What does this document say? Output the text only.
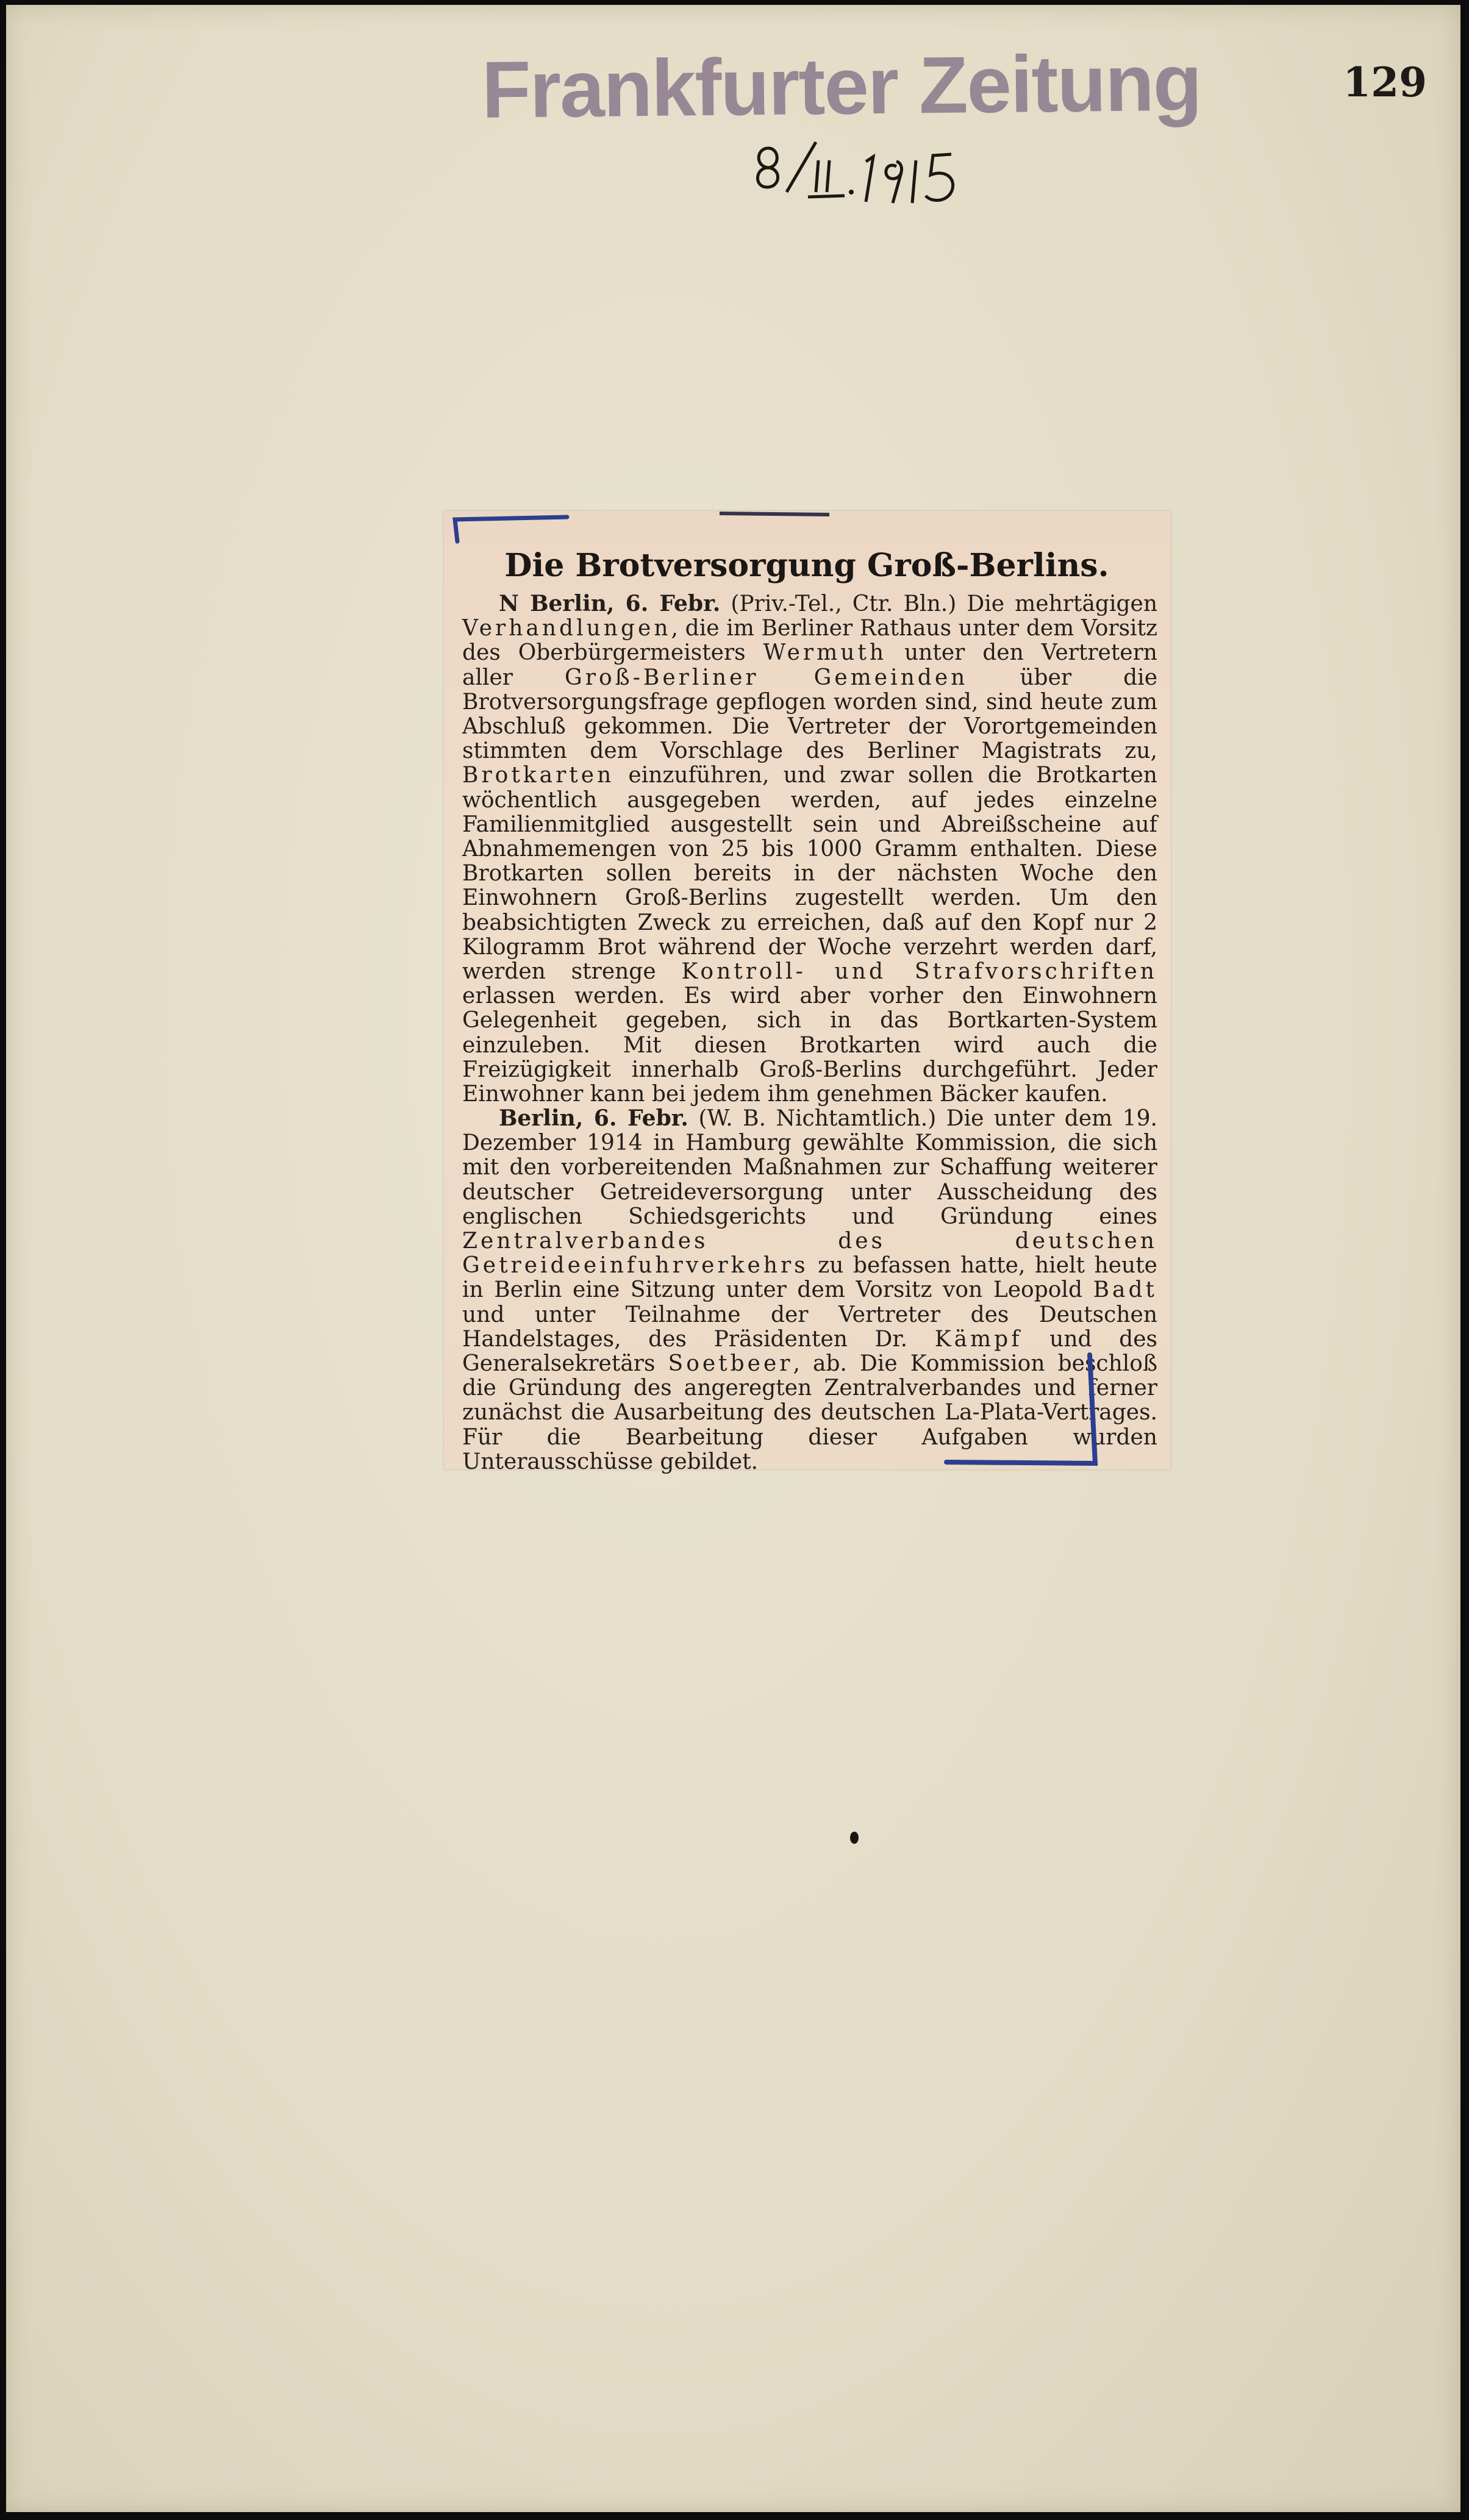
Frankfurter Zeitung	129
Die Brotversorgung Groß-Berlins.
N Berlin, 6. Febr. (Priv.-Tel., Ctr. Bln.) Die mehrtägigen Verhandlungen, die im Berliner Rathaus unter dem Vorsitz des Oberbürgermeisters Wermuth unter den Vertretern aller Groß-Berliner Gemeinden über die Brotversorgungsfrage gepflogen worden sind, sind heute zum Abschluß gekommen. Die Vertreter der Vorortgemeinden stimmten dem Vorschlage des Berliner Magistrats zu, Brotkarten einzuführen, und zwar sollen die Brotkarten wöchentlich ausgegeben werden, auf jedes einzelne Familienmitglied ausgestellt sein und Abreißscheine auf Abnahmemengen von 25 bis 1000 Gramm enthalten. Diese Brotkarten sollen bereits in der nächsten Woche den Einwohnern Groß-Berlins zugestellt werden. Um den beabsichtigten Zweck zu erreichen, daß auf den Kopf nur 2 Kilogramm Brot während der Woche verzehrt werden darf, werden strenge Kontroll- und Strafvorschriften erlassen werden. Es wird aber vorher den Einwohnern Gelegenheit gegeben, sich in das Bortkarten-System einzuleben. Mit diesen Brotkarten wird auch die Freizügigkeit innerhalb Groß-Berlins durchgeführt. Jeder Einwohner kann bei jedem ihm genehmen Bäcker kaufen.
Berlin, 6. Febr. (W. B. Nichtamtlich.) Die unter dem 19. Dezember 1914 in Hamburg gewählte Kommission, die sich mit den vorbereitenden Maßnahmen zur Schaffung weiterer deutscher Getreideversorgung unter Ausscheidung des englischen Schiedsgerichts und Gründung eines Zentralverbandes des deutschen Getreideeinfuhrverkehrs zu befassen hatte, hielt heute in Berlin eine Sitzung unter dem Vorsitz von Leopold Badt und unter Teilnahme der Vertreter des Deutschen Handelstages, des Präsidenten Dr. Kämpf und des Generalsekretärs Soetbeer, ab. Die Kommission beschloß die Gründung des angeregten Zentralverbandes und ferner zunächst die Ausarbeitung des deutschen La-Plata-Vertrages. Für die Bearbeitung dieser Aufgaben wurden Unterausschüsse gebildet.
